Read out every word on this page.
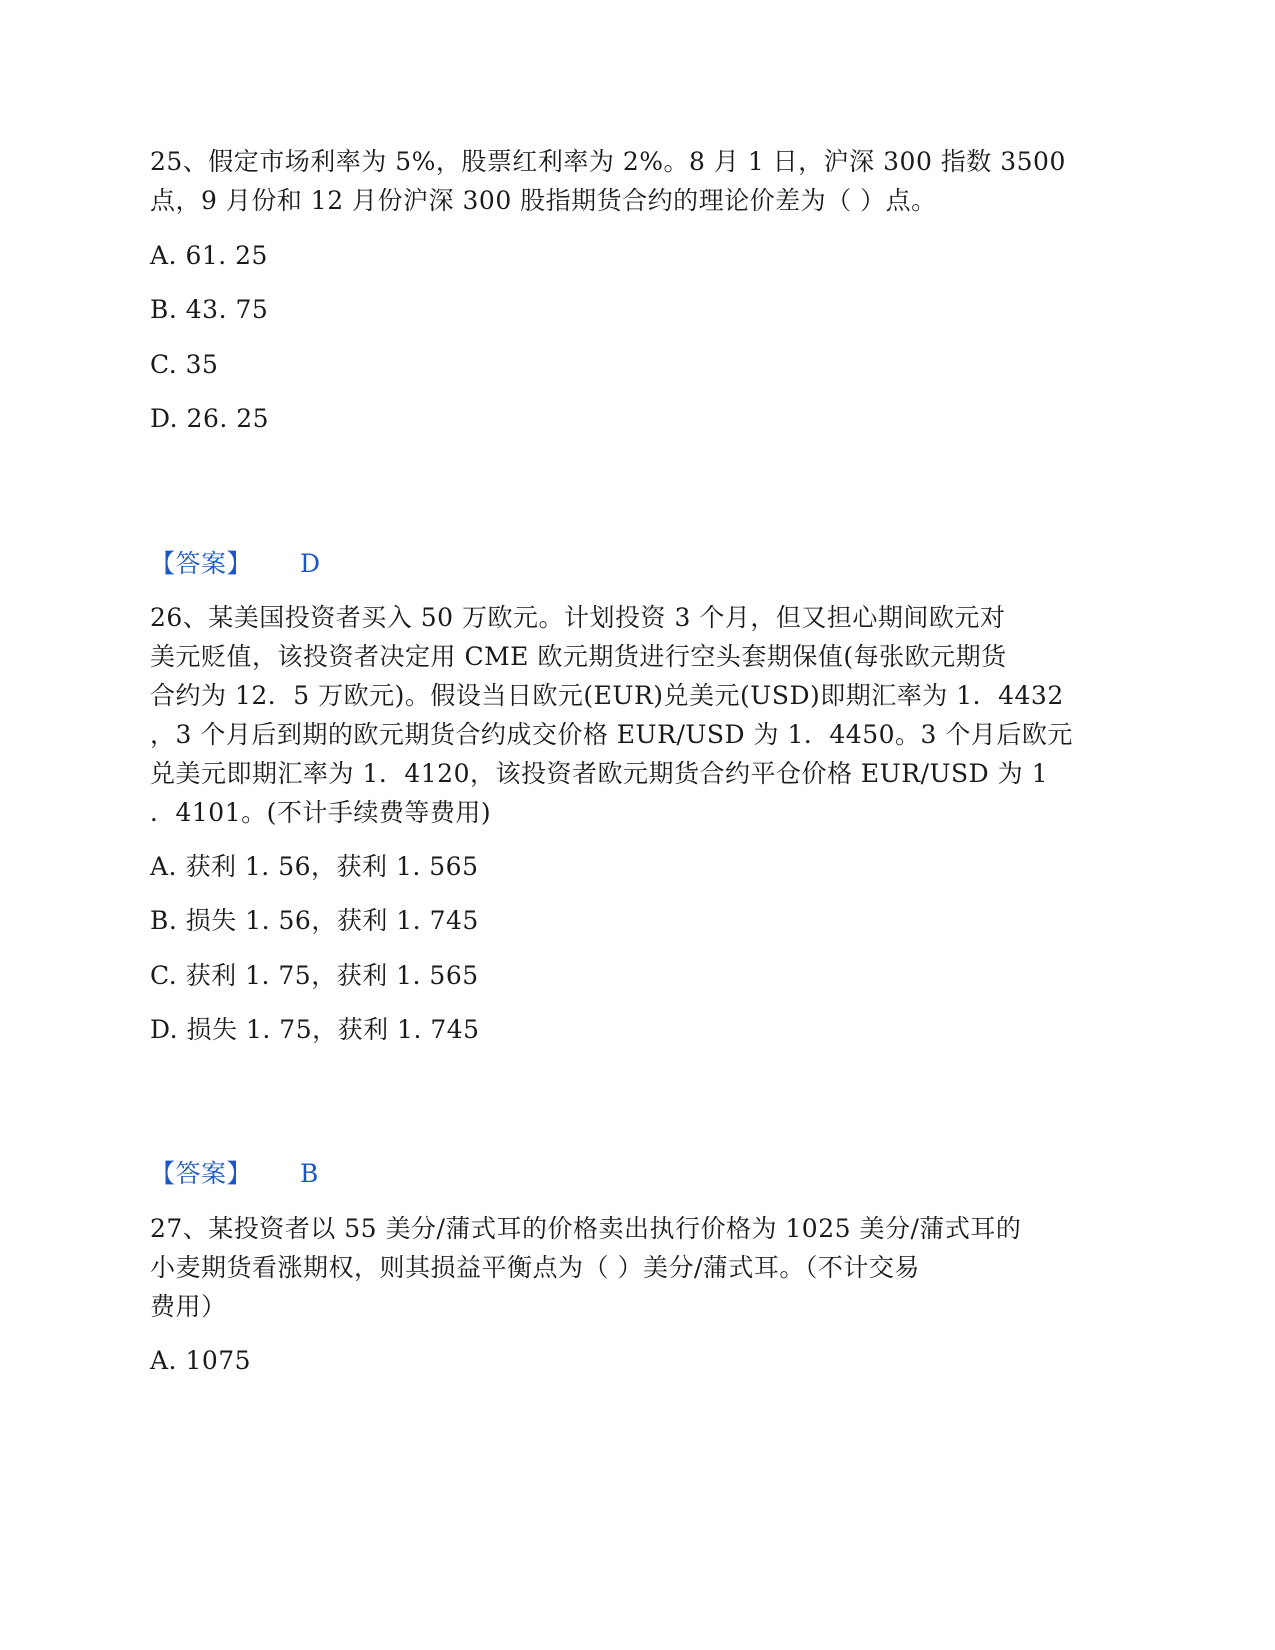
25、假定市场利率为 5%，股票红利率为 2%。8 月 1 日，沪深 300 指数 3500
点，9 月份和 12 月份沪深 300 股指期货合约的理论价差为（ ）点。
A. 61. 25
B. 43. 75
C. 35
D. 26. 25
【答案】 D
26、某美国投资者买入 50 万欧元。计划投资 3 个月，但又担心期间欧元对
美元贬值，该投资者决定用 CME 欧元期货进行空头套期保值(每张欧元期货
合约为 12．5 万欧元)。假设当日欧元(EUR)兑美元(USD)即期汇率为 1．4432
，3 个月后到期的欧元期货合约成交价格 EUR/USD 为 1．4450。3 个月后欧元
兑美元即期汇率为 1．4120，该投资者欧元期货合约平仓价格 EUR/USD 为 1
．4101。(不计手续费等费用)
A. 获利 1. 56，获利 1. 565
B. 损失 1. 56，获利 1. 745
C. 获利 1. 75，获利 1. 565
D. 损失 1. 75，获利 1. 745
【答案】 B
27、某投资者以 55 美分/蒲式耳的价格卖出执行价格为 1025 美分/蒲式耳的
小麦期货看涨期权，则其损益平衡点为（ ）美分/蒲式耳。（不计交易
费用）
A. 1075
